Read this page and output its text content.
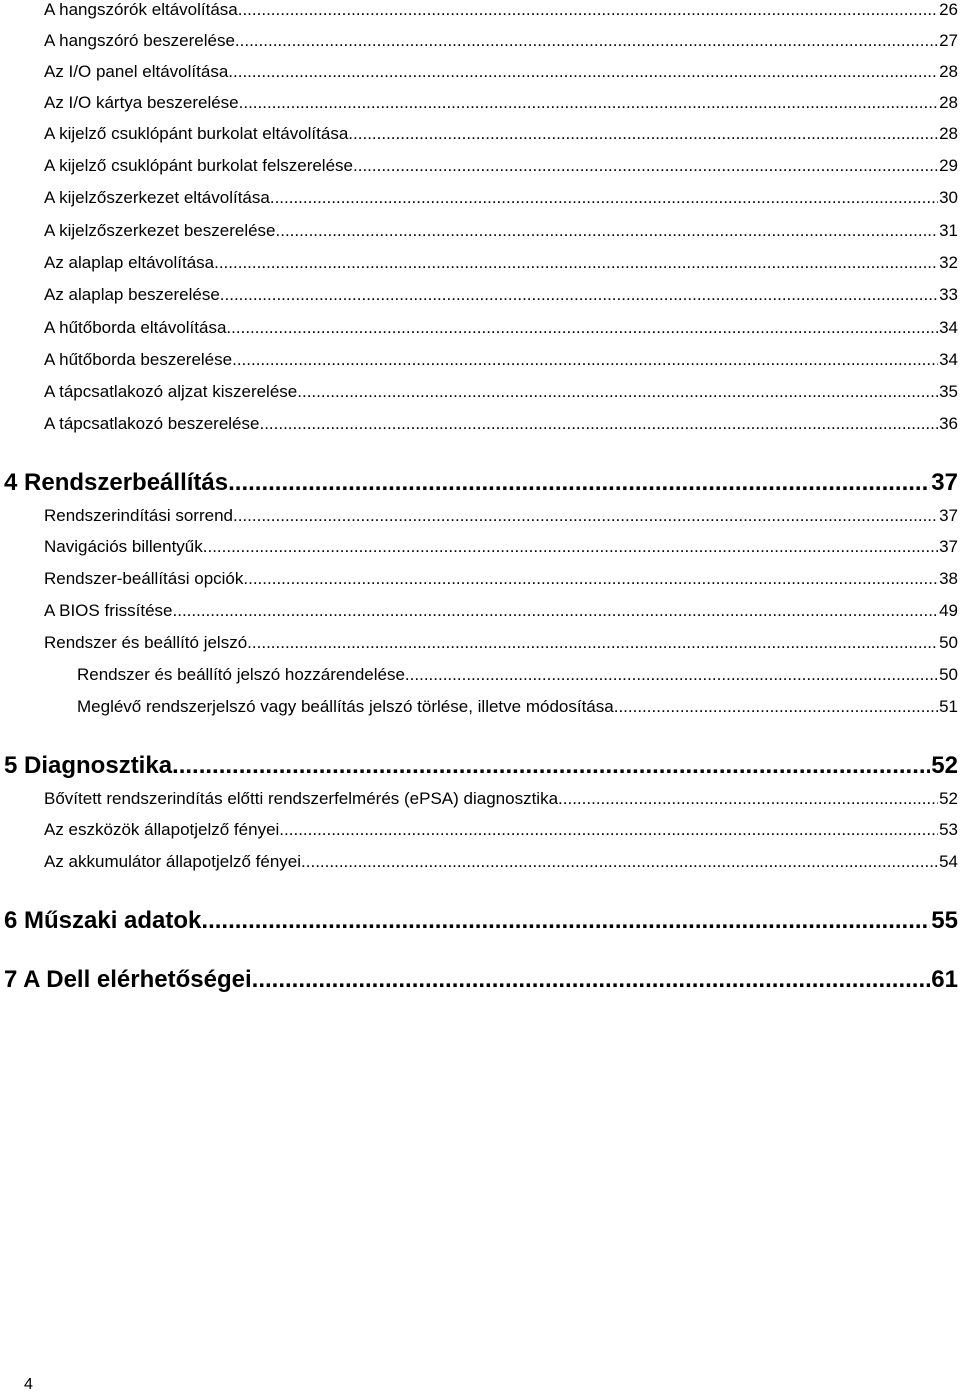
A hangszórók eltávolítása .....	26
A hangszóró beszerelése .....	27
Az I/O panel eltávolítása .....	28
Az I/O kártya beszerelése .....	28
A kijelző csuklópánt burkolat eltávolítása .....	28
A kijelző csuklópánt burkolat felszerelése .....	29
A kijelzőszerkezet eltávolítása .....	30
A kijelzőszerkezet beszerelése .....	31
Az alaplap eltávolítása .....	32
Az alaplap beszerelése .....	33
A hűtőborda eltávolítása .....	34
A hűtőborda beszerelése .....	34
A tápcsatlakozó aljzat kiszerelése .....	35
A tápcsatlakozó beszerelése .....	36
4 Rendszerbeállítás .....	37
Rendszerindítási sorrend .....	37
Navigációs billentyűk .....	37
Rendszer-beállítási opciók .....	38
A BIOS frissítése .....	49
Rendszer és beállító jelszó .....	50
Rendszer és beállító jelszó hozzárendelése .....	50
Meglévő rendszerjelszó vagy beállítás jelszó törlése, illetve módosítása .....	51
5 Diagnosztika .....	52
Bővített rendszerindítás előtti rendszerfelmérés (ePSA) diagnosztika .....	52
Az eszközök állapotjelző fényei .....	53
Az akkumulátor állapotjelző fényei .....	54
6 Műszaki adatok .....	55
7 A Dell elérhetőségei .....	61
4
